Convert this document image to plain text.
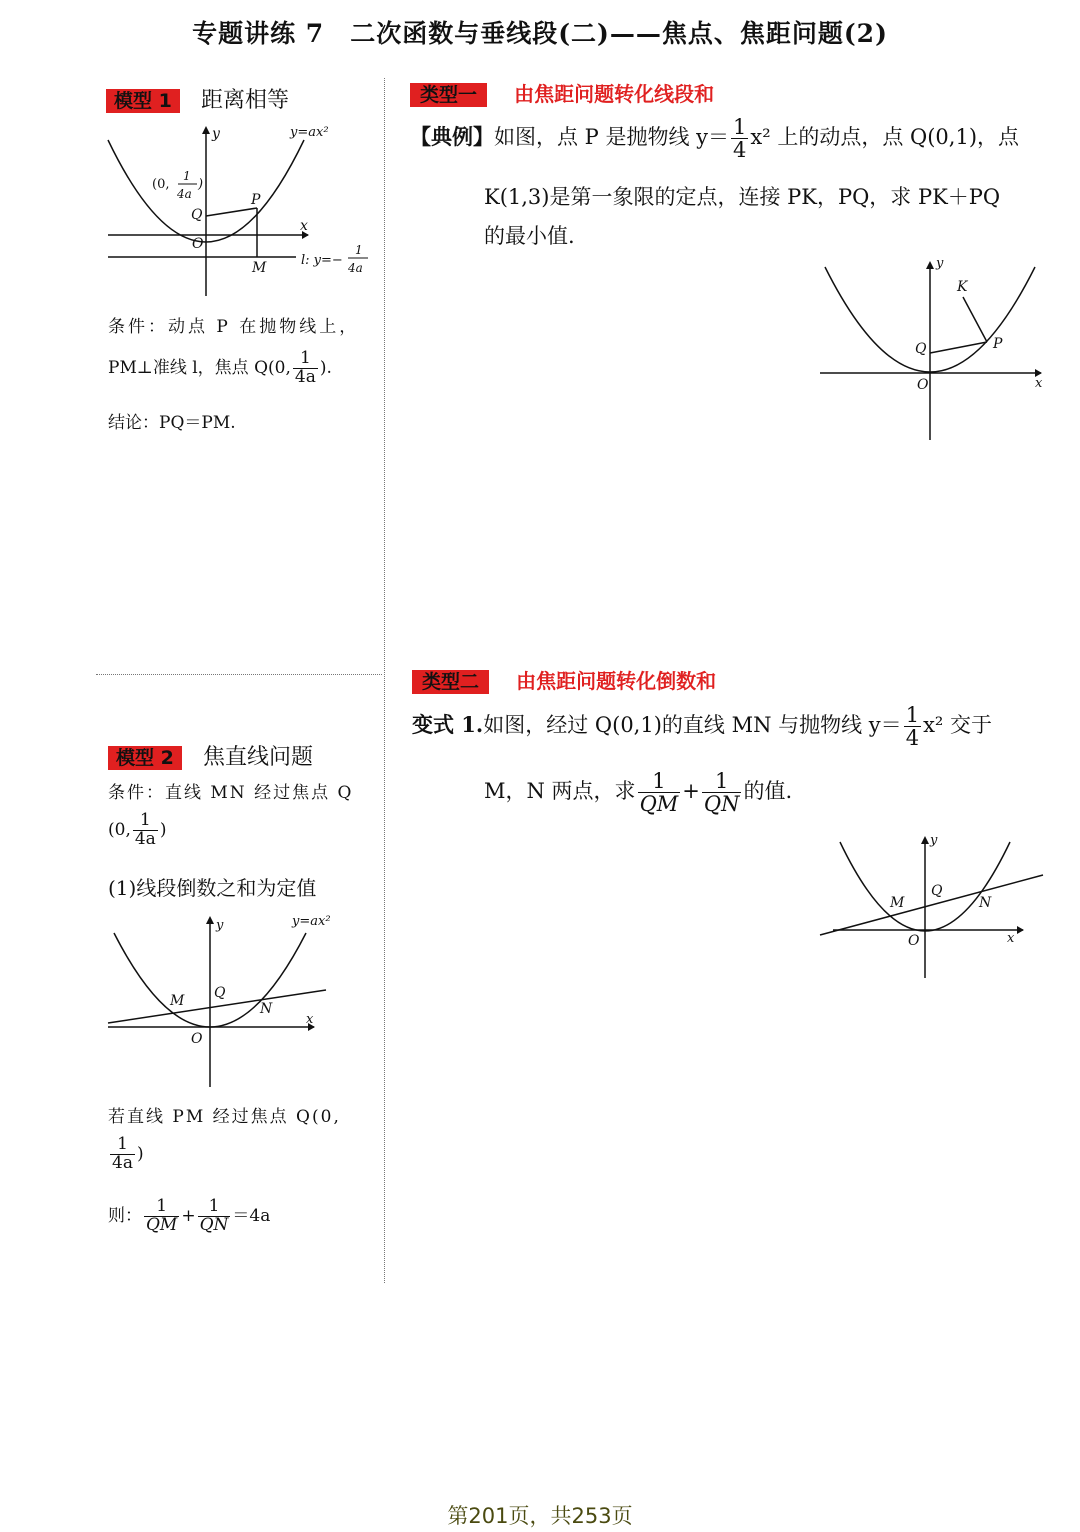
专题讲练 7　二次函数与垂线段(二)——焦点、焦距问题(2)
模型 1 距离相等
x
y	y=ax²
(0,
1
4a
)
Q
P
O
M	l: y=−
1
4a
条件：动点 P 在抛物线上，
PM⊥准线 l，焦点 Q(0, $\frac{1}{4a}$ ).
结论：PQ＝PM.
模型 2 焦直线问题
条件：直线 MN 经过焦点 Q
(0, $\frac{1}{4a}$ )
(1)线段倒数之和为定值
x
y	y=ax²
M Q
N
O
若直线 PM 经过焦点 Q(0,
$\frac{1}{4a}$ )
则： $\frac{1}{QM} + \frac{1}{QN} =4a$
类型一 由焦距问题转化线段和
【典例】如图，点 P 是抛物线 $y= \frac{1}{4} x^2$ 上的动点，点 Q(0,1)，点
K(1,3)是第一象限的定点，连接 PK，PQ，求 PK＋PQ
的最小值.
x
y
K
Q	P
O
类型二 由焦距问题转化倒数和
变式 1.如图，经过 Q(0,1)的直线 MN 与抛物线 $y= \frac{1}{4} x^2$ 交于
M，N 两点，求 $\frac{1}{QM} + \frac{1}{QN}$ 的值.
x
y
M
Q
N
O
第201页，共253页
